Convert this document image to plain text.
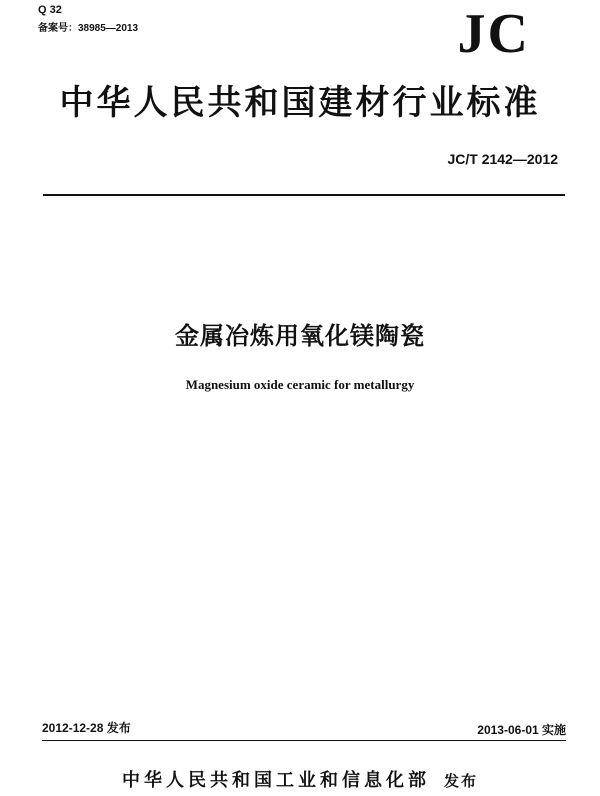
Q 32
备案号：38985—2013	JC
中华人民共和国建材行业标准
JC/T 2142—2012
金属冶炼用氧化镁陶瓷
Magnesium oxide ceramic for metallurgy
2012-12-28 发布	2013-06-01 实施
中华人民共和国工业和信息化部 发布
